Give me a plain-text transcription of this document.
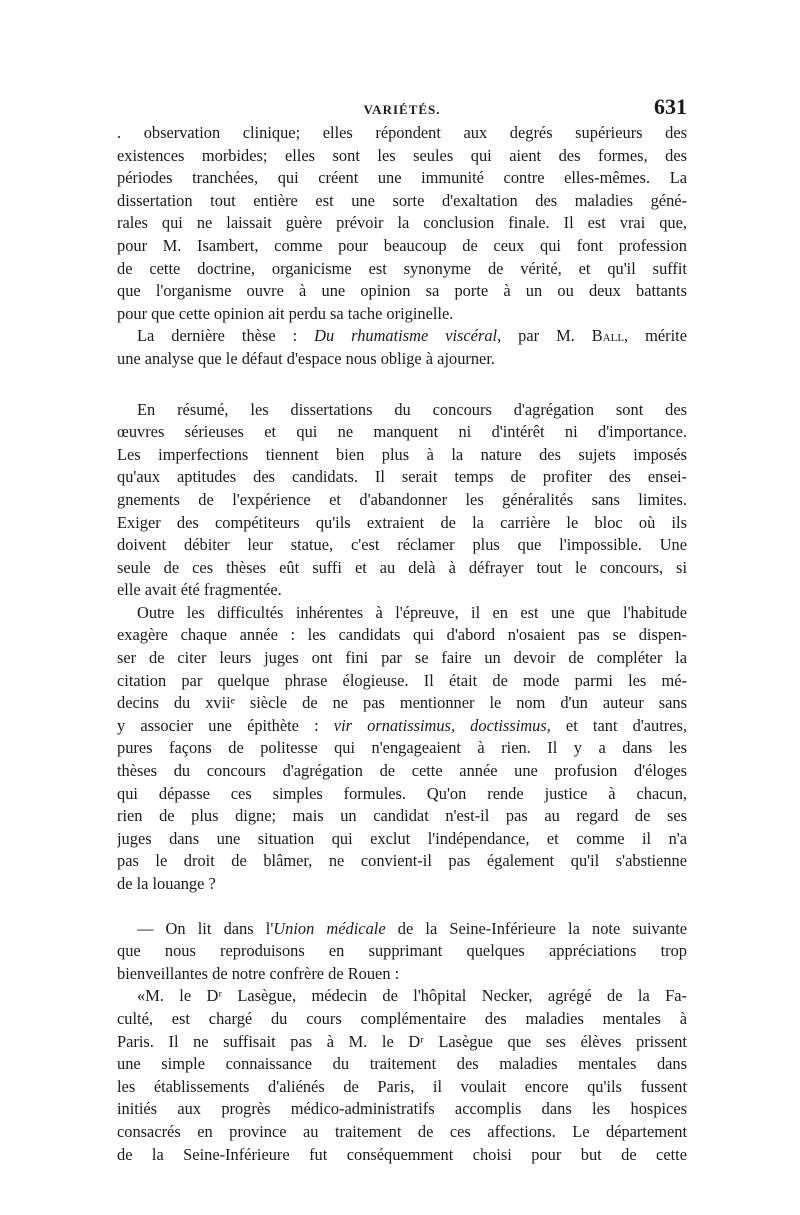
VARIÉTÉS.	631
. observation clinique; elles répondent aux degrés supérieurs des
existences morbides; elles sont les seules qui aient des formes, des
périodes tranchées, qui créent une immunité contre elles-mêmes. La
dissertation tout entière est une sorte d'exaltation des maladies géné-
rales qui ne laissait guère prévoir la conclusion finale. Il est vrai que,
pour M. Isambert, comme pour beaucoup de ceux qui font profession
de cette doctrine, organicisme est synonyme de vérité, et qu'il suffit
que l'organisme ouvre à une opinion sa porte à un ou deux battants
pour que cette opinion ait perdu sa tache originelle.
La dernière thèse : Du rhumatisme viscéral, par M. Ball, mérite
une analyse que le défaut d'espace nous oblige à ajourner.
En résumé, les dissertations du concours d'agrégation sont des
œuvres sérieuses et qui ne manquent ni d'intérêt ni d'importance.
Les imperfections tiennent bien plus à la nature des sujets imposés
qu'aux aptitudes des candidats. Il serait temps de profiter des ensei-
gnements de l'expérience et d'abandonner les généralités sans limites.
Exiger des compétiteurs qu'ils extraient de la carrière le bloc où ils
doivent débiter leur statue, c'est réclamer plus que l'impossible. Une
seule de ces thèses eût suffi et au delà à défrayer tout le concours, si
elle avait été fragmentée.
Outre les difficultés inhérentes à l'épreuve, il en est une que l'habitude
exagère chaque année : les candidats qui d'abord n'osaient pas se dispen-
ser de citer leurs juges ont fini par se faire un devoir de compléter la
citation par quelque phrase élogieuse. Il était de mode parmi les mé-
decins du xviiᵉ siècle de ne pas mentionner le nom d'un auteur sans
y associer une épithète : vir ornatissimus, doctissimus, et tant d'autres,
pures façons de politesse qui n'engageaient à rien. Il y a dans les
thèses du concours d'agrégation de cette année une profusion d'éloges
qui dépasse ces simples formules. Qu'on rende justice à chacun,
rien de plus digne; mais un candidat n'est-il pas au regard de ses
juges dans une situation qui exclut l'indépendance, et comme il n'a
pas le droit de blâmer, ne convient-il pas également qu'il s'abstienne
de la louange ?
— On lit dans l'Union médicale de la Seine-Inférieure la note suivante
que nous reproduisons en supprimant quelques appréciations trop
bienveillantes de notre confrère de Rouen :
«M. le Dʳ Lasègue, médecin de l'hôpital Necker, agrégé de la Fa-
culté, est chargé du cours complémentaire des maladies mentales à
Paris. Il ne suffisait pas à M. le Dʳ Lasègue que ses élèves prissent
une simple connaissance du traitement des maladies mentales dans
les établissements d'aliénés de Paris, il voulait encore qu'ils fussent
initiés aux progrès médico-administratifs accomplis dans les hospices
consacrés en province au traitement de ces affections. Le département
de la Seine-Inférieure fut conséquemment choisi pour but de cette
